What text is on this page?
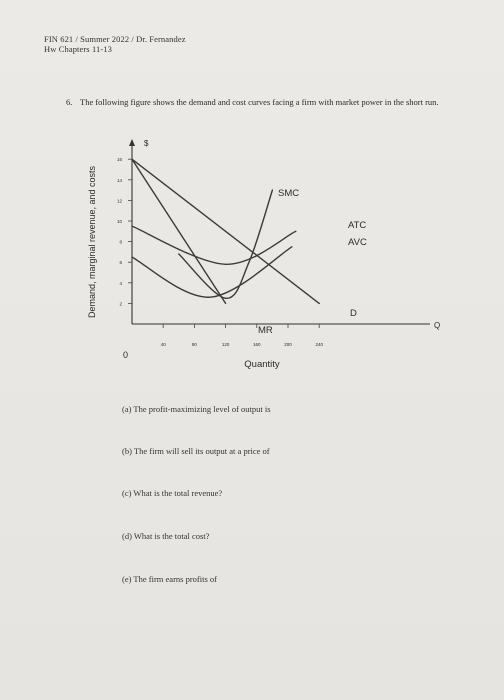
FIN 621 / Summer 2022 / Dr. Fernandez
Hw Chapters 11-13
6. The following figure shows the demand and cost curves facing a firm with market power in the short run.
Demand, marginal revenue, and costs
$
0
Quantity
Q
16
14
12
10
8
6
4
2
40	80	120	160	200	240
SMC
ATC
AVC
D
MR
(a) The profit-maximizing level of output is
(b) The firm will sell its output at a price of
(c) What is the total revenue?
(d) What is the total cost?
(e) The firm earns profits of
